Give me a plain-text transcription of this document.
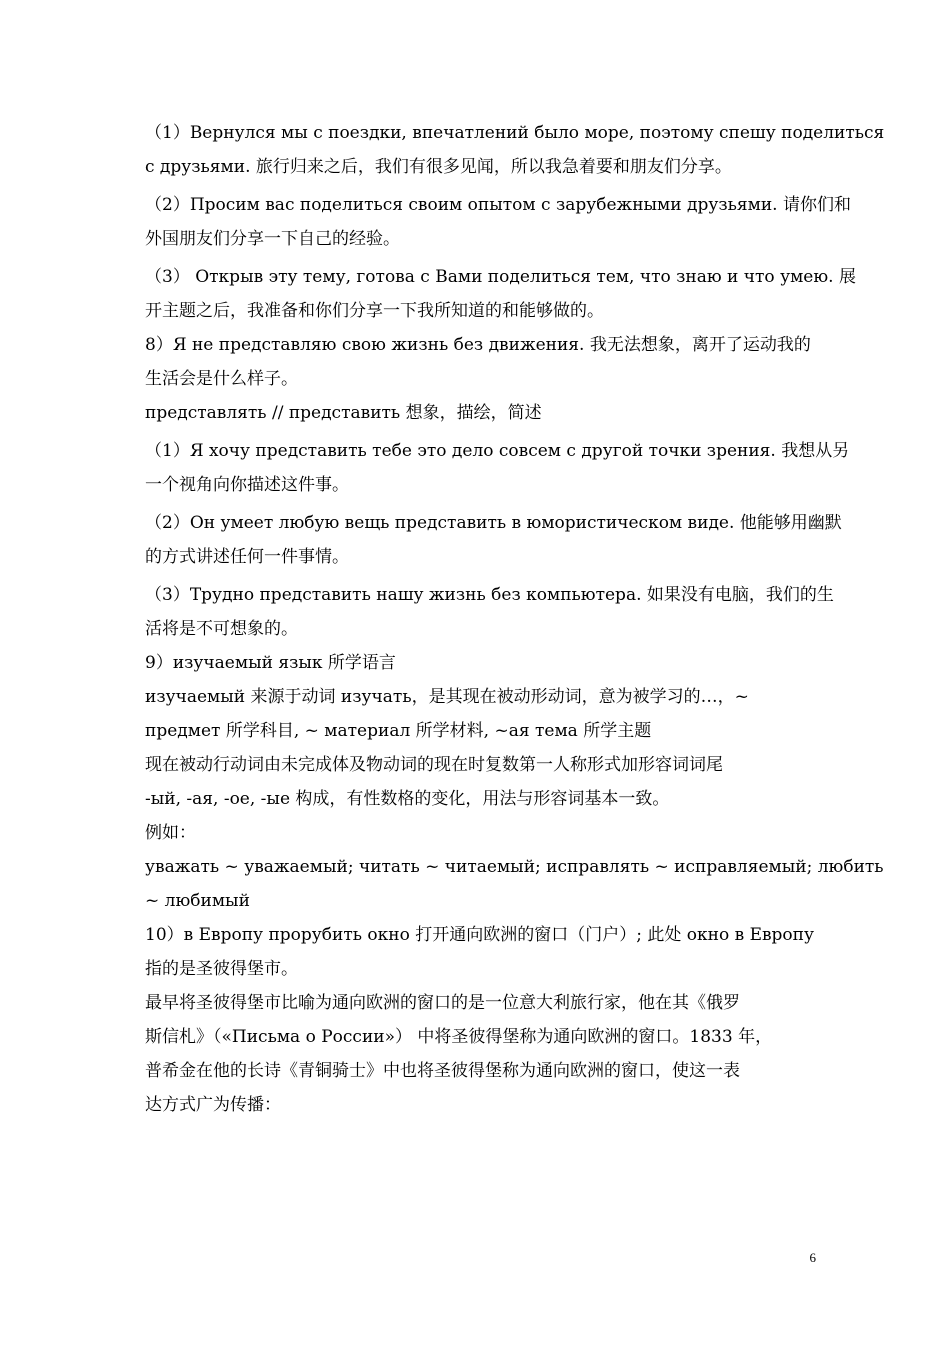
（1）Вернулся мы с поездки, впечатлений было море, поэтому спешу поделиться
с друзьями. 旅行归来之后，我们有很多见闻，所以我急着要和朋友们分享。
（2）Просим вас поделиться своим опытом с зарубежными друзьями. 请你们和
外国朋友们分享一下自己的经验。
（3） Открыв эту тему, готова с Вами поделиться тем, что знаю и что умею. 展
开主题之后，我准备和你们分享一下我所知道的和能够做的。
8）Я не представляю свою жизнь без движения. 我无法想象，离开了运动我的
生活会是什么样子。
представлять // представить 想象，描绘，简述
（1）Я хочу представить тебе это дело совсем с другой точки зрения. 我想从另
一个视角向你描述这件事。
（2）Он умеет любую вещь представить в юмористическом виде. 他能够用幽默
的方式讲述任何一件事情。
（3）Трудно представить нашу жизнь без компьютера. 如果没有电脑，我们的生
活将是不可想象的。
9）изучаемый язык 所学语言
изучаемый 来源于动词 изучать，是其现在被动形动词，意为被学习的…，~
предмет 所学科目, ~ материал 所学材料, ~ая тема 所学主题
现在被动行动词由未完成体及物动词的现在时复数第一人称形式加形容词词尾
-ый, -ая, -ое, -ые 构成，有性数格的变化，用法与形容词基本一致。
例如：
уважать ~ уважаемый; читать ~ читаемый; исправлять ~ исправляемый; любить
~ любимый
10）в Европу прорубить окно 打开通向欧洲的窗口（门户）; 此处 окно в Европу
指的是圣彼得堡市。
最早将圣彼得堡市比喻为通向欧洲的窗口的是一位意大利旅行家，他在其《俄罗
斯信札》（«Письма о России»） 中将圣彼得堡称为通向欧洲的窗口。1833 年，
普希金在他的长诗《青铜骑士》中也将圣彼得堡称为通向欧洲的窗口，使这一表
达方式广为传播：
6
